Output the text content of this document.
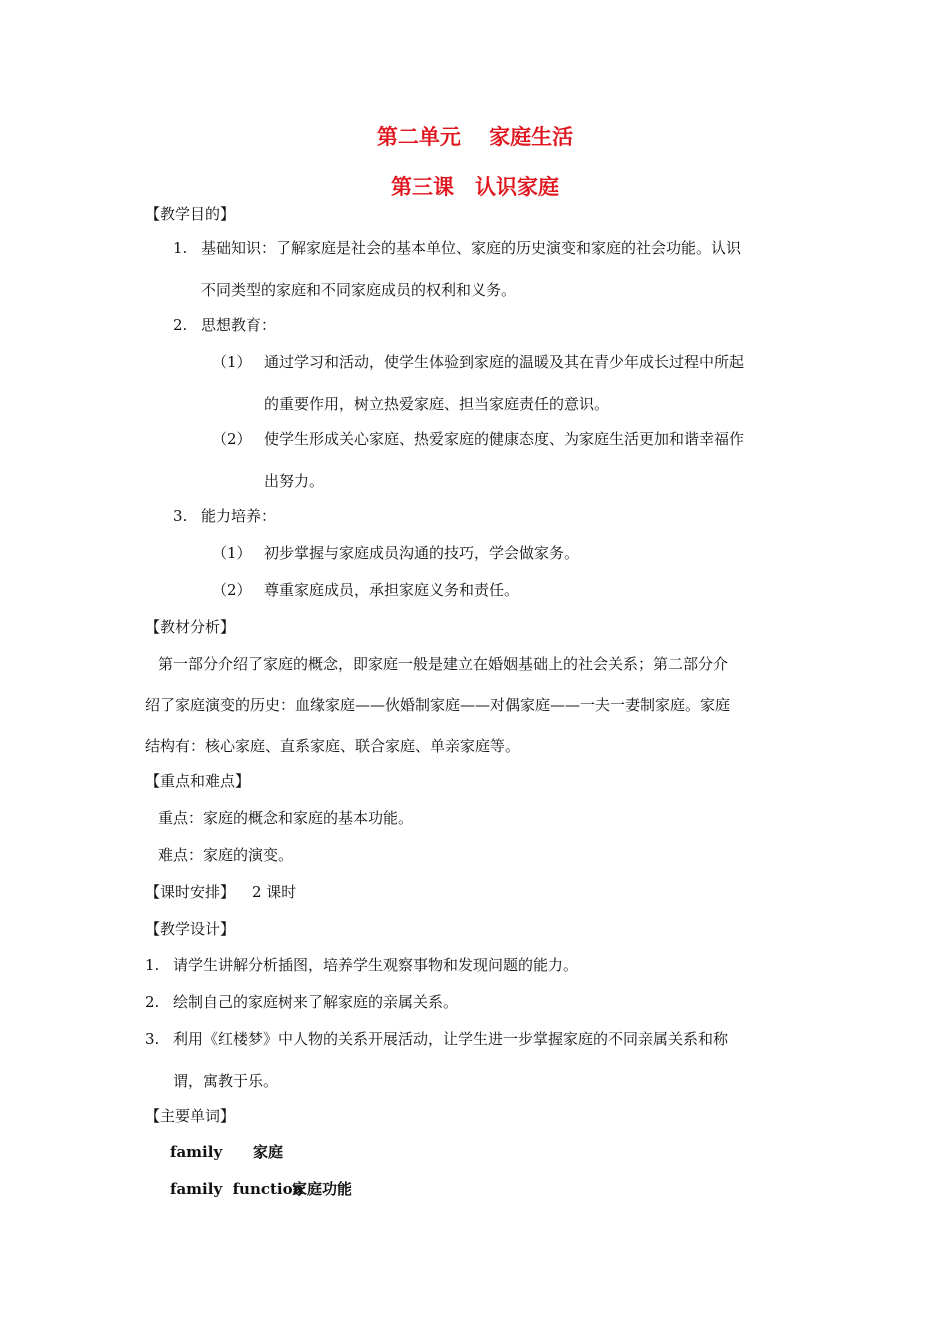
第二单元　 家庭生活
第三课　认识家庭
【教学目的】
1. 基础知识：了解家庭是社会的基本单位、家庭的历史演变和家庭的社会功能。认识
不同类型的家庭和不同家庭成员的权利和义务。
2. 思想教育：
（1） 通过学习和活动，使学生体验到家庭的温暖及其在青少年成长过程中所起
的重要作用，树立热爱家庭、担当家庭责任的意识。
（2） 使学生形成关心家庭、热爱家庭的健康态度、为家庭生活更加和谐幸福作
出努力。
3. 能力培养：
（1） 初步掌握与家庭成员沟通的技巧，学会做家务。
（2） 尊重家庭成员，承担家庭义务和责任。
【教材分析】
第一部分介绍了家庭的概念，即家庭一般是建立在婚姻基础上的社会关系；第二部分介
绍了家庭演变的历史：血缘家庭——伙婚制家庭——对偶家庭——一夫一妻制家庭。家庭
结构有：核心家庭、直系家庭、联合家庭、单亲家庭等。
【重点和难点】
重点：家庭的概念和家庭的基本功能。
难点：家庭的演变。
【课时安排】 2 课时
【教学设计】
1. 请学生讲解分析插图，培养学生观察事物和发现问题的能力。
2. 绘制自己的家庭树来了解家庭的亲属关系。
3. 利用《红楼梦》中人物的关系开展活动，让学生进一步掌握家庭的不同亲属关系和称
谓，寓教于乐。
【主要单词】
family 家庭
family  function
家庭功能
